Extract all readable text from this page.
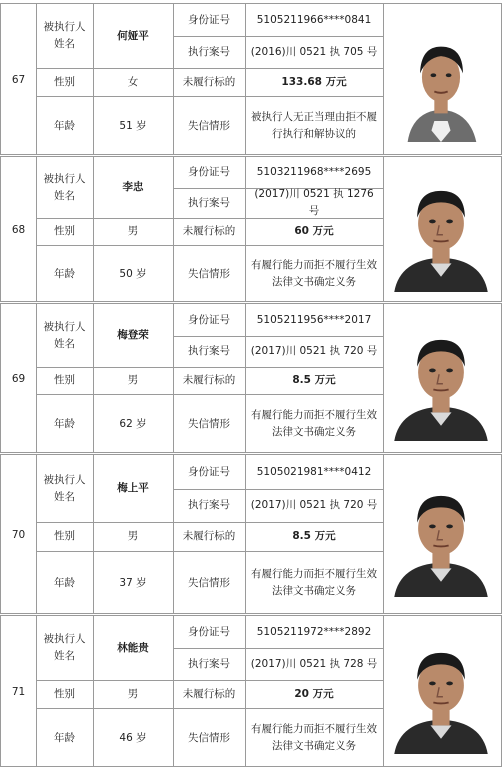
67
被执行人
姓名
性别
年龄
何娅平
女
51 岁
身份证号
执行案号
未履行标的
失信情形
5105211966****0841
(2016)川 0521 执 705 号
133.68 万元
被执行人无正当理由拒不履
行执行和解协议的
68
被执行人
姓名
性别
年龄
李忠
男
50 岁
身份证号
执行案号
未履行标的
失信情形
5103211968****2695
(2017)川 0521 执 1276 号
60 万元
有履行能力而拒不履行生效
法律文书确定义务
69
被执行人
姓名
性别
年龄
梅登荣
男
62 岁
身份证号
执行案号
未履行标的
失信情形
5105211956****2017
(2017)川 0521 执 720 号
8.5 万元
有履行能力而拒不履行生效
法律文书确定义务
70
被执行人
姓名
性别
年龄
梅上平
男
37 岁
身份证号
执行案号
未履行标的
失信情形
5105021981****0412
(2017)川 0521 执 720 号
8.5 万元
有履行能力而拒不履行生效
法律文书确定义务
71
被执行人
姓名
性别
年龄
林能贵
男
46 岁
身份证号
执行案号
未履行标的
失信情形
5105211972****2892
(2017)川 0521 执 728 号
20 万元
有履行能力而拒不履行生效
法律文书确定义务
